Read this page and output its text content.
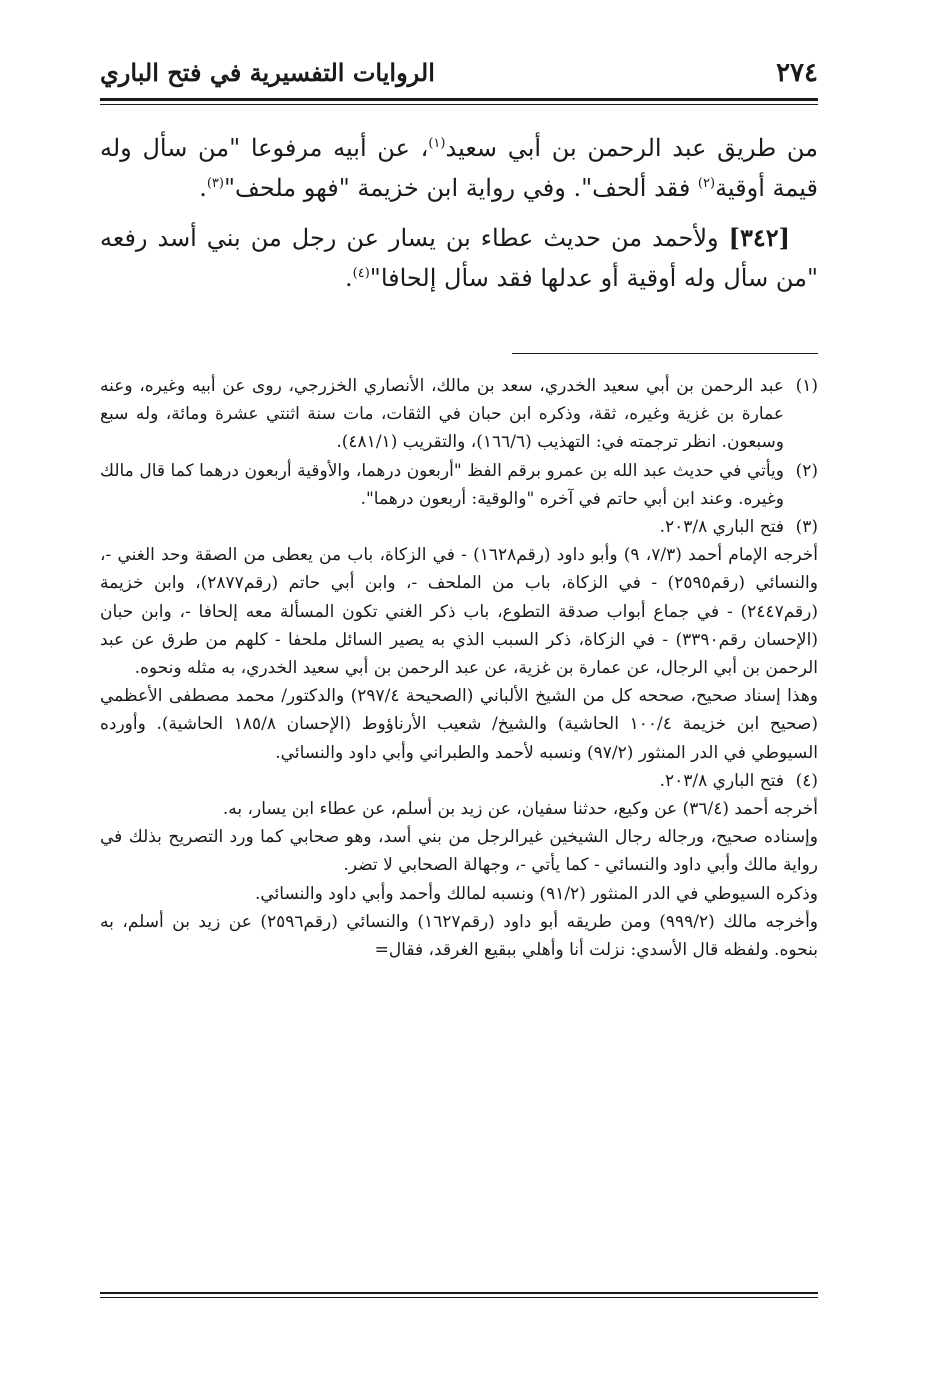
٢٧٤
الروايات التفسيرية في فتح الباري

من طريق عبد الرحمن بن أبي سعيد$^{(١)}$، عن أبيه مرفوعا "من سأل وله قيمة أوقية$^{(٢)}$ فقد ألحف". وفي رواية ابن خزيمة "فهو ملحف"$^{(٣)}$.

[٣٤٢] ولأحمد من حديث عطاء بن يسار عن رجل من بني أسد رفعه "من سأل وله أوقية أو عدلها فقد سأل إلحافا"$^{(٤)}$.

(١)

عبد الرحمن بن أبي سعيد الخدري، سعد بن مالك، الأنصاري الخزرجي، روى عن أبيه وغيره، وعنه عمارة بن غزية وغيره، ثقة، وذكره ابن حبان في الثقات، مات سنة اثنتي عشرة ومائة، وله سبع وسبعون. انظر ترجمته في: التهذيب (١٦٦/٦)، والتقريب (٤٨١/١).

(٢)

ويأتي في حديث عبد الله بن عمرو برقم الفظ "أربعون درهما، والأوقية أربعون درهما كما قال مالك وغيره. وعند ابن أبي حاتم في آخره "والوقية: أربعون درهما".

(٣)

فتح الباري ٢٠٣/٨.

أخرجه الإمام أحمد (٧/٣، ٩) وأبو داود (رقم١٦٢٨) - في الزكاة، باب من يعطى من الصقة وحد الغني -، والنسائي (رقم٢٥٩٥) - في الزكاة، باب من الملحف -، وابن أبي حاتم (رقم٢٨٧٧)، وابن خزيمة (رقم٢٤٤٧) - في جماع أبواب صدقة التطوع، باب ذكر الغني تكون المسألة معه إلحافا -، وابن حبان (الإحسان رقم٣٣٩٠) - في الزكاة، ذكر السبب الذي به يصير السائل ملحفا - كلهم من طرق عن عبد الرحمن بن أبي الرجال، عن عمارة بن غزية، عن عبد الرحمن بن أبي سعيد الخدري، به مثله ونحوه.

وهذا إسناد صحيح، صححه كل من الشيخ الألباني (الصحيحة ٢٩٧/٤) والدكتور/ محمد مصطفى الأعظمي (صحيح ابن خزيمة ١٠٠/٤ الحاشية) والشيخ/ شعيب الأرناؤوط (الإحسان ١٨٥/٨ الحاشية). وأورده السيوطي في الدر المنثور (٩٧/٢) ونسبه لأحمد والطبراني وأبي داود والنسائي.

(٤)

فتح الباري ٢٠٣/٨.

أخرجه أحمد (٣٦/٤) عن وكيع، حدثنا سفيان، عن زيد بن أسلم، عن عطاء ابن يسار، به.

وإسناده صحيح، ورجاله رجال الشيخين غيرالرجل من بني أسد، وهو صحابي كما ورد التصريح بذلك في رواية مالك وأبي داود والنسائي - كما يأتي -، وجهالة الصحابي لا تضر.

وذكره السيوطي في الدر المنثور (٩١/٢) ونسبه لمالك وأحمد وأبي داود والنسائي.

وأخرجه مالك (٩٩٩/٢) ومن طريقه أبو داود (رقم١٦٢٧) والنسائي (رقم٢٥٩٦) عن زيد بن أسلم، به بنحوه. ولفظه قال الأسدي: نزلت أنا وأهلي ببقيع الغرقد، فقال=
